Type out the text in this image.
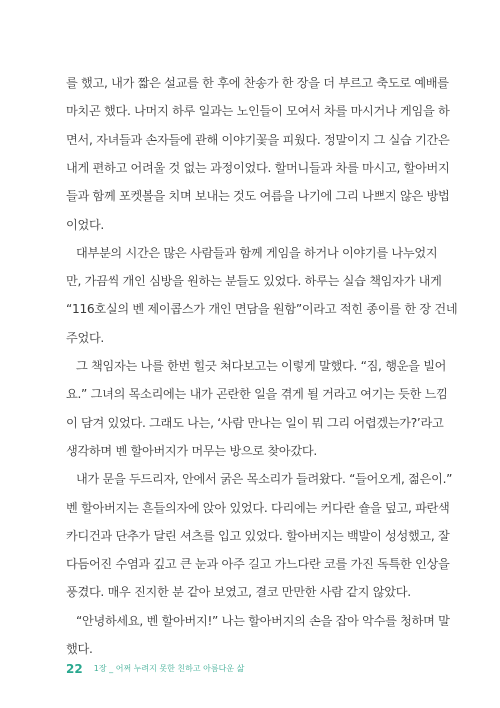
를 했고, 내가 짧은 설교를 한 후에 찬송가 한 장을 더 부르고 축도로 예배를
마치곤 했다. 나머지 하루 일과는 노인들이 모여서 차를 마시거나 게임을 하
면서, 자녀들과 손자들에 관해 이야기꽃을 피웠다. 정말이지 그 실습 기간은
내게 편하고 어려울 것 없는 과정이었다. 할머니들과 차를 마시고, 할아버지
들과 함께 포켓볼을 치며 보내는 것도 여름을 나기에 그리 나쁘지 않은 방법
이었다.
대부분의 시간은 많은 사람들과 함께 게임을 하거나 이야기를 나누었지
만, 가끔씩 개인 심방을 원하는 분들도 있었다. 하루는 실습 책임자가 내게
“116호실의 벤 제이콥스가 개인 면담을 원함”이라고 적힌 종이를 한 장 건네
주었다.
그 책임자는 나를 한번 힐긋 쳐다보고는 이렇게 말했다. “짐, 행운을 빌어
요.” 그녀의 목소리에는 내가 곤란한 일을 겪게 될 거라고 여기는 듯한 느낌
이 담겨 있었다. 그래도 나는, ‘사람 만나는 일이 뭐 그리 어렵겠는가?’라고
생각하며 벤 할아버지가 머무는 방으로 찾아갔다.
내가 문을 두드리자, 안에서 굵은 목소리가 들려왔다. “들어오게, 젊은이.”
벤 할아버지는 흔들의자에 앉아 있었다. 다리에는 커다란 숄을 덮고, 파란색
카디건과 단추가 달린 셔츠를 입고 있었다. 할아버지는 백발이 성성했고, 잘
다듬어진 수염과 깊고 큰 눈과 아주 길고 가느다란 코를 가진 독특한 인상을
풍겼다. 매우 진지한 분 같아 보였고, 결코 만만한 사람 같지 않았다.
“안녕하세요, 벤 할아버지!” 나는 할아버지의 손을 잡아 악수를 청하며 말
했다.
22 1장 _ 어쩌 누려지 못한 친하고 아름다운 삶
